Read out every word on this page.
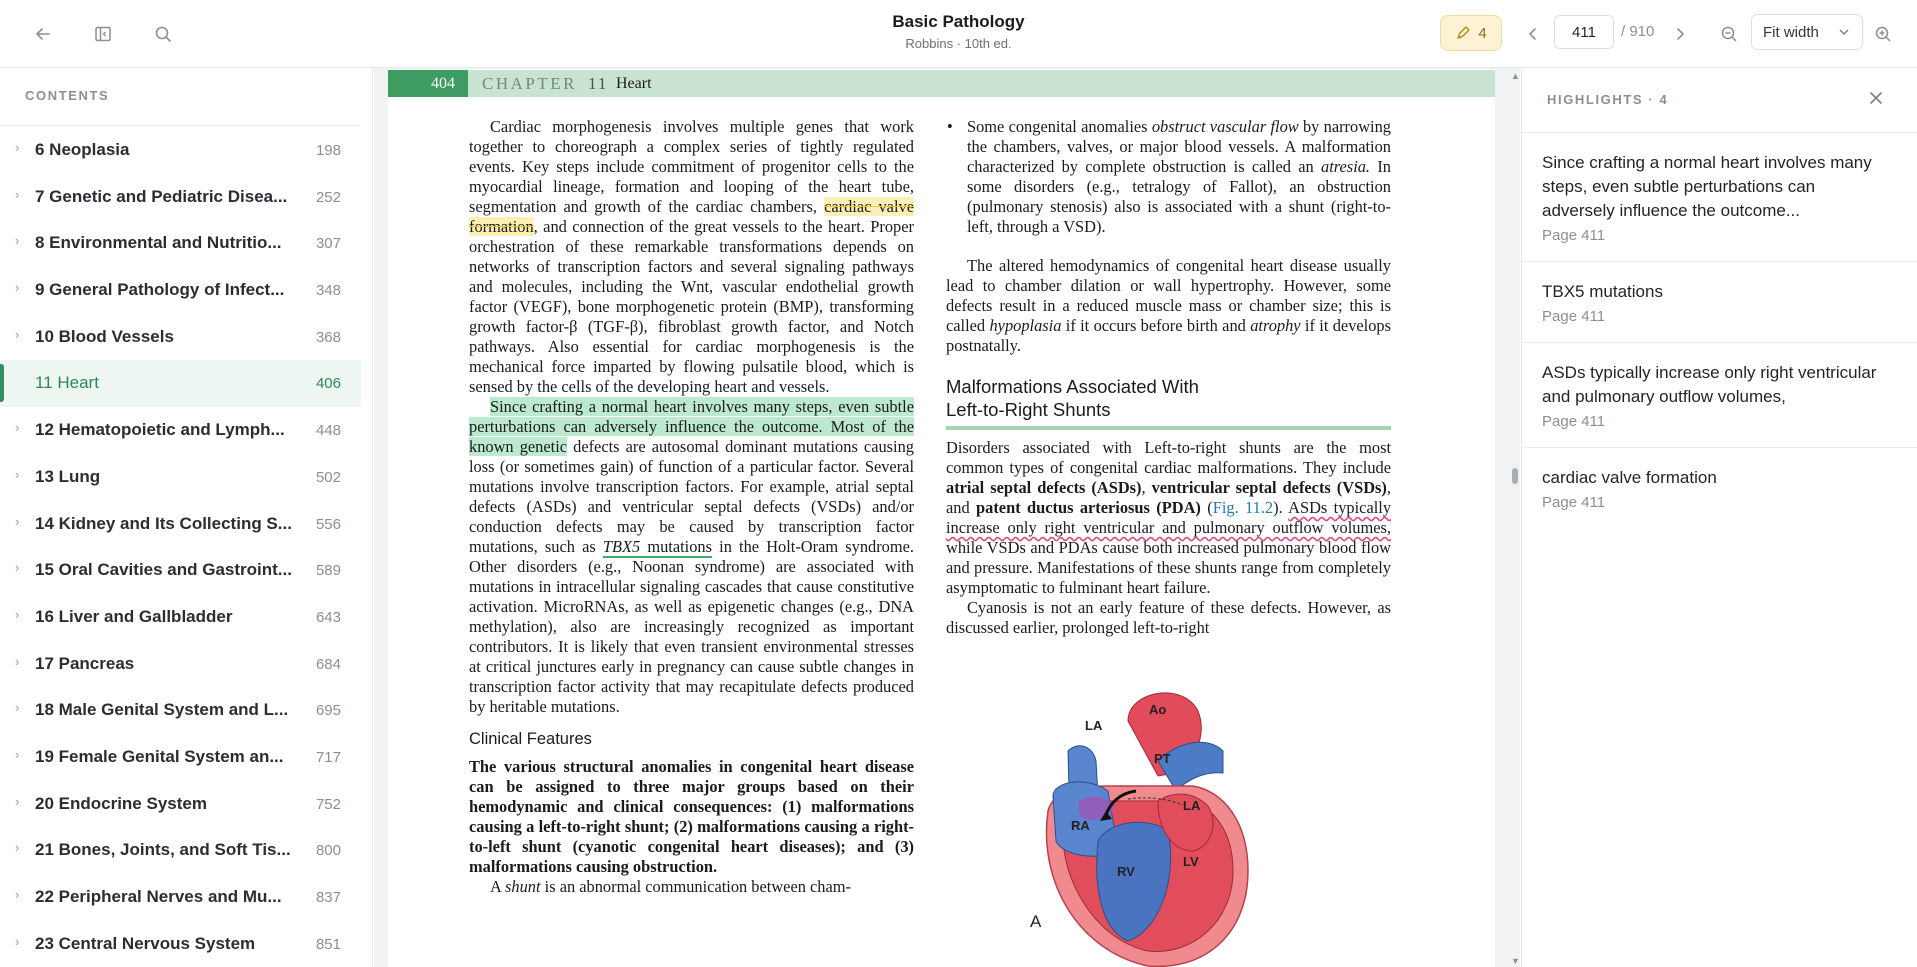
Basic Pathology
Robbins · 10th ed.
4
411	/ 910	Fit width
CONTENTS
› 6 Neoplasia	198
› 7 Genetic and Pediatric Disea...	252
› 8 Environmental and Nutritio...	307
› 9 General Pathology of Infect...	348
› 10 Blood Vessels	368
11 Heart	406
› 12 Hematopoietic and Lymph...	448
› 13 Lung	502
› 14 Kidney and Its Collecting S...	556
› 15 Oral Cavities and Gastroint...	589
› 16 Liver and Gallbladder	643
› 17 Pancreas	684
› 18 Male Genital System and L...	695
› 19 Female Genital System an...	717
› 20 Endocrine System	752
› 21 Bones, Joints, and Soft Tis...	800
› 22 Peripheral Nerves and Mu...	837
› 23 Central Nervous System	851
404	CHAPTER 11 Heart

Cardiac morphogenesis involves multiple genes that work together to choreograph a complex series of tightly regulated events. Key steps include commitment of progenitor cells to the myocardial lineage, formation and looping of the heart tube, segmentation and growth of the cardiac chambers, cardiac valve formation, and connection of the great vessels to the heart. Proper orchestration of these remarkable transformations depends on networks of transcription factors and several signaling pathways and molecules, including the Wnt, vascular endothelial growth factor (VEGF), bone morphogenetic protein (BMP), transforming growth factor-β (TGF-β), fibroblast growth factor, and Notch pathways. Also essential for cardiac morphogenesis is the mechanical force imparted by flowing pulsatile blood, which is sensed by the cells of the developing heart and vessels.

Since crafting a normal heart involves many steps, even subtle perturbations can adversely influence the outcome. Most of the known genetic defects are autosomal dominant mutations causing loss (or sometimes gain) of function of a particular factor. Several mutations involve transcription factors. For example, atrial septal defects (ASDs) and ventricular septal defects (VSDs) and/or conduction defects may be caused by transcription factor mutations, such as TBX5 mutations in the Holt-Oram syndrome. Other disorders (e.g., Noonan syndrome) are associated with mutations in intracellular signaling cascades that cause constitutive activation. MicroRNAs, as well as epigenetic changes (e.g., DNA methylation), also are increasingly recognized as important contributors. It is likely that even transient environmental stresses at critical junctures early in pregnancy can cause subtle changes in transcription factor activity that may recapitulate defects produced by heritable mutations.

Clinical Features

The various structural anomalies in congenital heart disease can be assigned to three major groups based on their hemodynamic and clinical consequences: (1) malformations causing a left-to-right shunt; (2) malformations causing a right-to-left shunt (cyanotic congenital heart diseases); and (3) malformations causing obstruction.

A shunt is an abnormal communication between cham-

• Some congenital anomalies obstruct vascular flow by narrowing the chambers, valves, or major blood vessels. A malformation characterized by complete obstruction is called an atresia. In some disorders (e.g., tetralogy of Fallot), an obstruction (pulmonary stenosis) also is associated with a shunt (right-to-left, through a VSD).

The altered hemodynamics of congenital heart disease usually lead to chamber dilation or wall hypertrophy. However, some defects result in a reduced muscle mass or chamber size; this is called hypoplasia if it occurs before birth and atrophy if it develops postnatally.

Malformations Associated With
Left-to-Right Shunts

Disorders associated with Left-to-right shunts are the most common types of congenital cardiac malformations. They include atrial septal defects (ASDs), ventricular septal defects (VSDs), and patent ductus arteriosus (PDA) (Fig. 11.2). ASDs typically increase only right ventricular and pulmonary outflow volumes, while VSDs and PDAs cause both increased pulmonary blood flow and pressure. Manifestations of these shunts range from completely asymptomatic to fulminant heart failure.

Cyanosis is not an early feature of these defects. However, as discussed earlier, prolonged left-to-right

Ao
LA
PT
LA
RA
RV
LV
A
▲
▼
HIGHLIGHTS · 4
Since crafting a normal heart involves many steps, even subtle perturbations can adversely influence the outcome...
Page 411
TBX5 mutations
Page 411
ASDs typically increase only right ventricular and pulmonary outflow volumes,
Page 411
cardiac valve formation
Page 411
